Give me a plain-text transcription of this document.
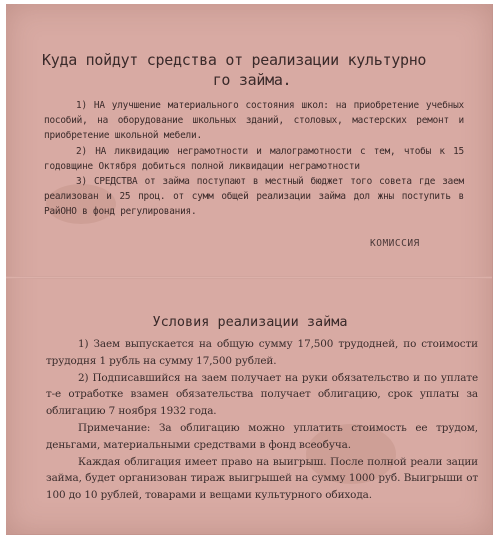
Куда пойдут средства от реализации культурно
го займа.

1) НА улучшение материального состояния школ: на приобретение учебных пособий, на оборудование школьных зданий, столовых, мастерских ремонт и приобретение школьной мебели.

2) НА ликвидацию неграмотности и малограмотности с тем, чтобы к 15 годовщине Октября добиться полной ликвидации неграмотности

3) СРЕДСТВА от займа поступают в местный бюджет того совета где заем реализован и 25 проц. от сумм общей реализации займа дол жны поступить в РайОНО в фонд регулирования.

КОМИССИЯ
Условия реализации займа

1) Заем выпускается на общую сумму 17,500 трудодней, по стоимости трудодня 1 рубль на сумму 17,500 рублей.

2) Подписавшийся на заем получает на руки обязательство и по уплате т-е отработке взамен обязательства получает облигацию, срок уплаты за облигацию 7 ноября 1932 года.

Примечание: За облигацию можно уплатить стоимость ее трудом, деньгами, материальными средствами в фонд всеобуча.

Каждая облигация имеет право на выигрыш. После полной реали зации займа, будет организован тираж выигрышей на сумму 1000 руб. Выигрыши от 100 до 10 рублей, товарами и вещами культурного обихода.
